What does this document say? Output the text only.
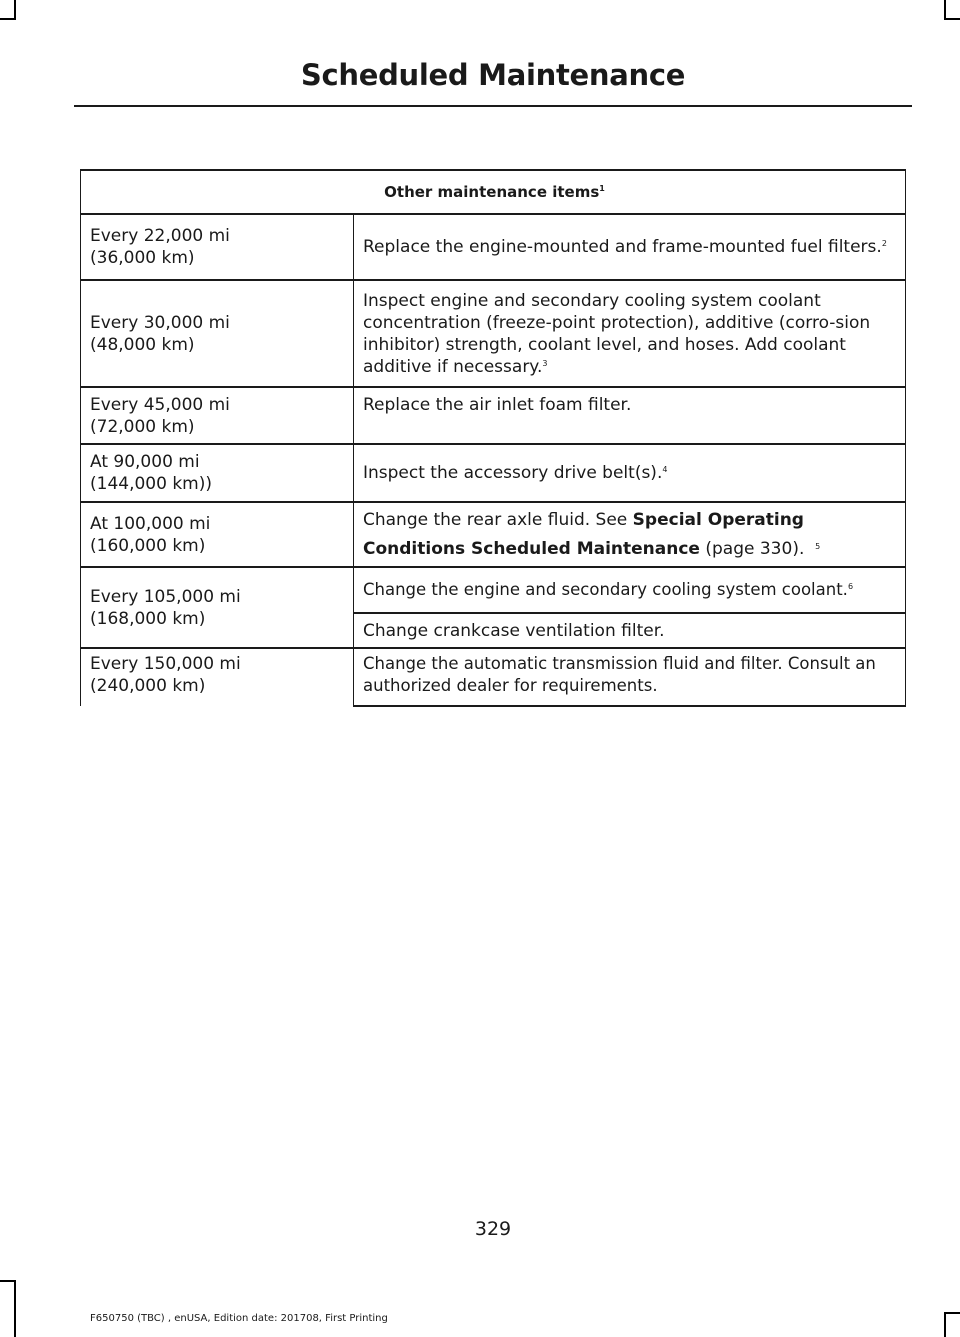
Scheduled Maintenance
Other maintenance items$^1$
Every 22,000 mi
(36,000 km)	Replace the engine-mounted and frame-mounted fuel filters.$^2$
Every 30,000 mi
(48,000 km)	Inspect engine and secondary cooling system coolant concentration (freeze-point protection), additive (corro-sion inhibitor) strength, coolant level, and hoses. Add coolant additive if necessary.$^3$
Every 45,000 mi
(72,000 km)	Replace the air inlet foam filter.
At 90,000 mi
(144,000 km))	Inspect the accessory drive belt(s).$^4$
At 100,000 mi
(160,000 km)	Change the rear axle fluid. See Special Operating Conditions Scheduled Maintenance (page 330). $^5$
Every 105,000 mi
(168,000 km)	Change the engine and secondary cooling system coolant.$^6$
	Change crankcase ventilation filter.
Every 150,000 mi
(240,000 km)	Change the automatic transmission fluid and filter. Consult an authorized dealer for requirements.
329
F650750 (TBC) , enUSA, Edition date: 201708, First Printing
